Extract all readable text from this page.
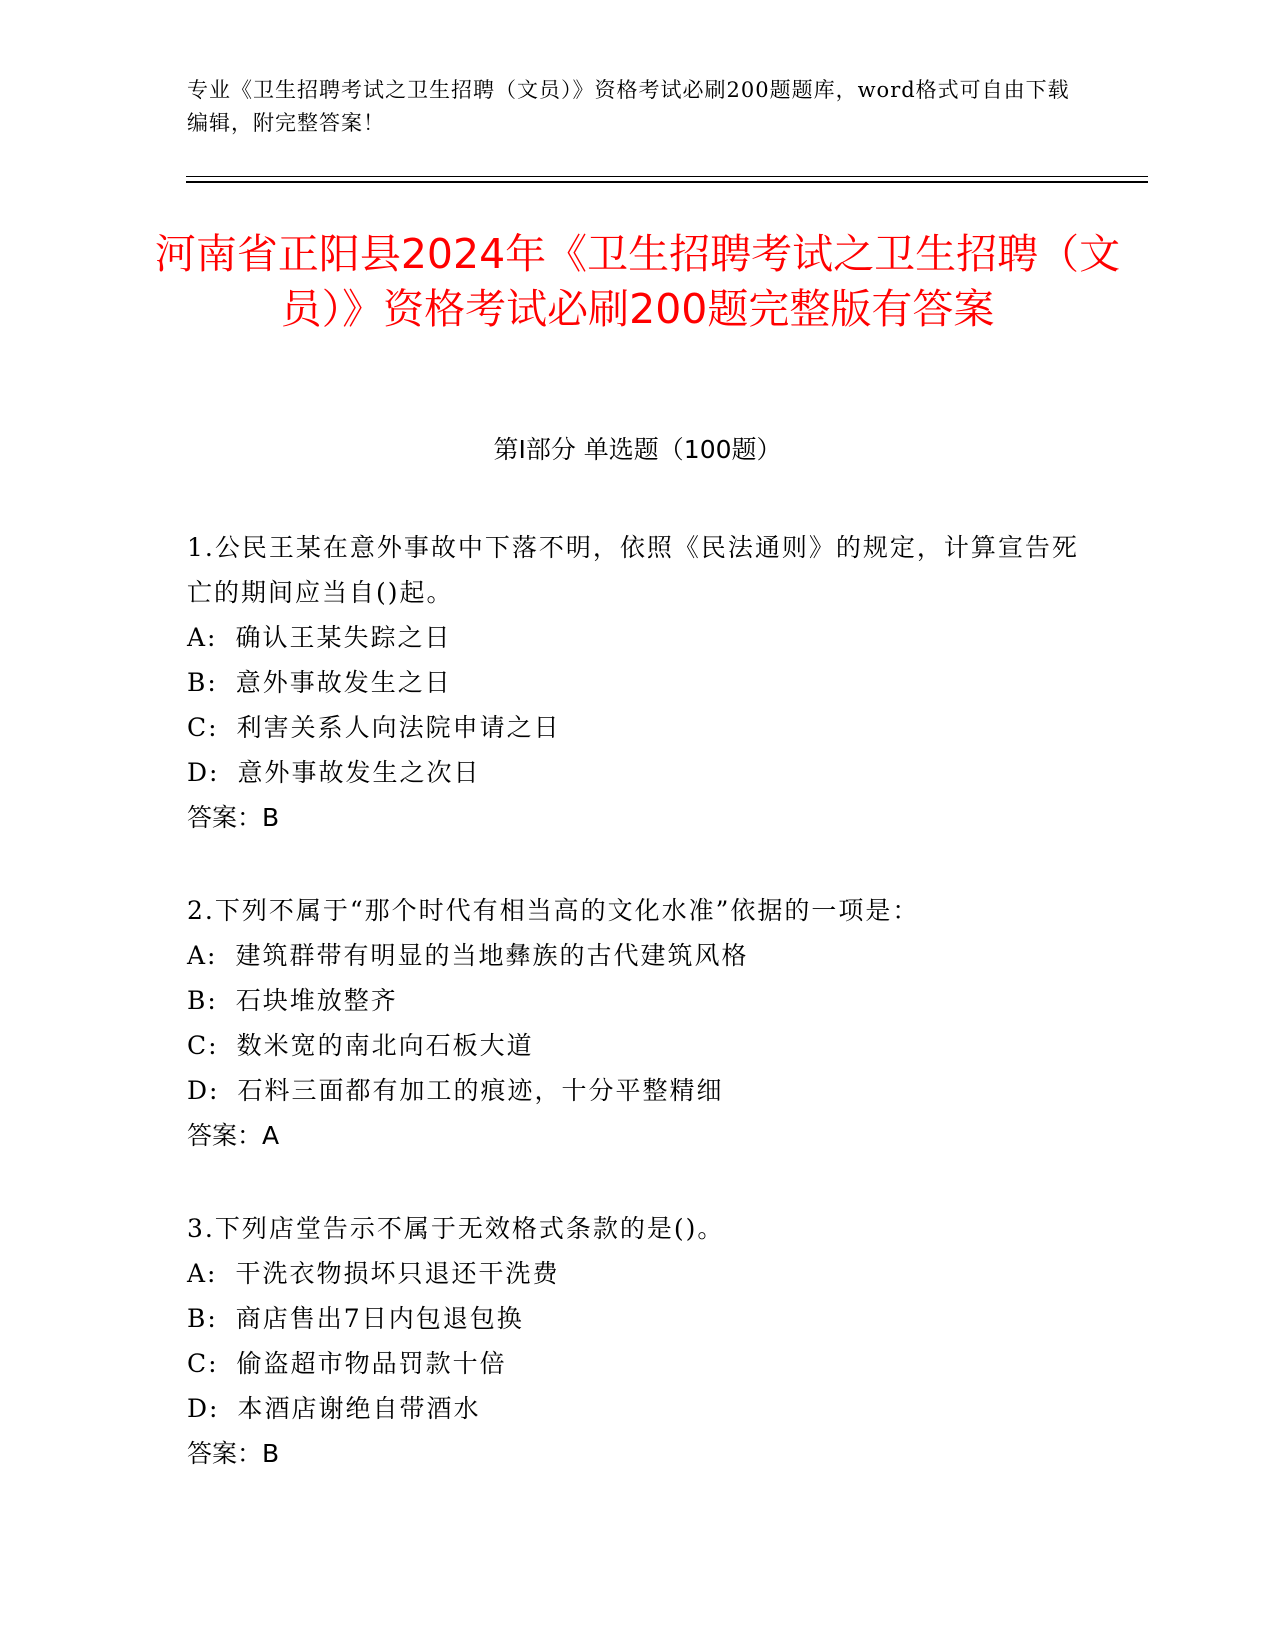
专业《卫生招聘考试之卫生招聘（文员）》资格考试必刷200题题库，word格式可自由下载编辑，附完整答案！
河南省正阳县2024年《卫生招聘考试之卫生招聘（文员）》资格考试必刷200题完整版有答案
第Ⅰ部分 单选题（100题）
1.公民王某在意外事故中下落不明，依照《民法通则》的规定，计算宣告死亡的期间应当自()起。
A: 确认王某失踪之日
B: 意外事故发生之日
C: 利害关系人向法院申请之日
D: 意外事故发生之次日
答案：B
2.下列不属于“那个时代有相当高的文化水准”依据的一项是：
A: 建筑群带有明显的当地彝族的古代建筑风格
B: 石块堆放整齐
C: 数米宽的南北向石板大道
D: 石料三面都有加工的痕迹，十分平整精细
答案：A
3.下列店堂告示不属于无效格式条款的是()。
A: 干洗衣物损坏只退还干洗费
B: 商店售出7日内包退包换
C: 偷盗超市物品罚款十倍
D: 本酒店谢绝自带酒水
答案：B
